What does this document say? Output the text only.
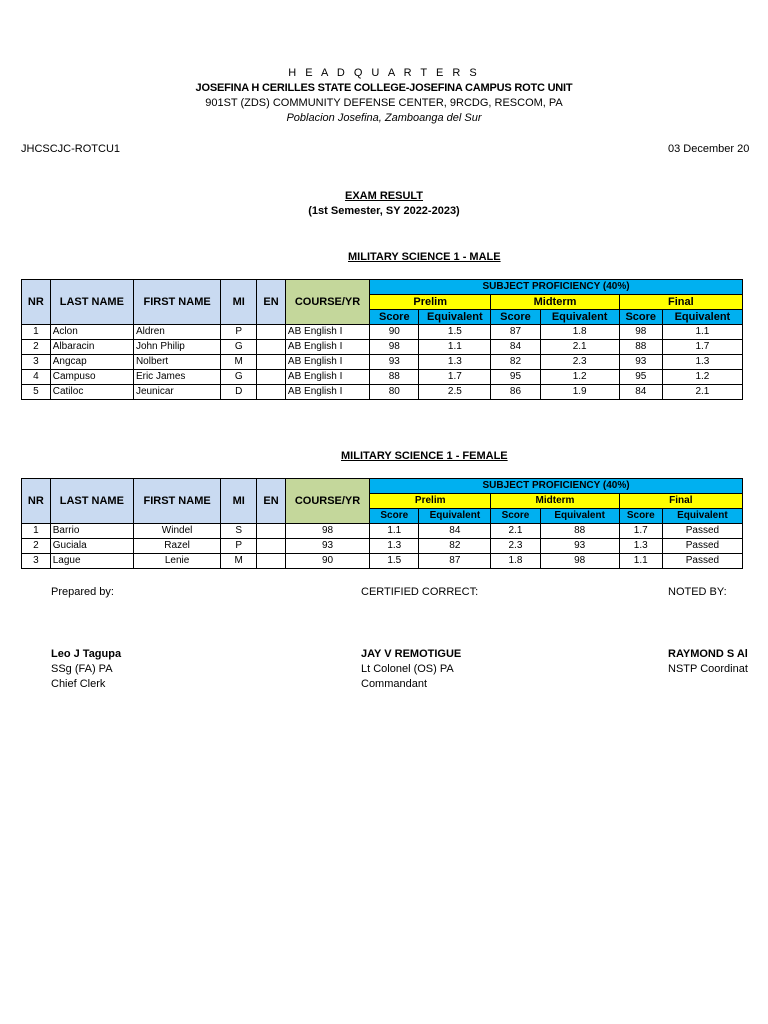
H E A D Q U A R T E R S
JOSEFINA H CERILLES STATE COLLEGE-JOSEFINA CAMPUS ROTC UNIT
901ST (ZDS) COMMUNITY DEFENSE CENTER, 9RCDG, RESCOM, PA
Poblacion Josefina, Zamboanga del Sur
JHCSCJC-ROTCU1	03 December 20
EXAM RESULT
(1st Semester, SY 2022-2023)
MILITARY SCIENCE 1 - MALE
NR	LAST NAME	FIRST NAME	MI	EN	COURSE/YR	SUBJECT PROFICIENCY (40%)					
						Prelim		Midterm		Final	
						Score	Equivalent	Score	Equivalent	Score	Equivalent
1	Aclon	Aldren	P		AB English I	90	1.5	87	1.8	98	1.1
2	Albaracin	John Philip	G		AB English I	98	1.1	84	2.1	88	1.7
3	Angcap	Nolbert	M		AB English I	93	1.3	82	2.3	93	1.3
4	Campuso	Eric James	G		AB English I	88	1.7	95	1.2	95	1.2
5	Catiloc	Jeunicar	D		AB English I	80	2.5	86	1.9	84	2.1
MILITARY SCIENCE 1 - FEMALE
NR	LAST NAME	FIRST NAME	MI	EN	COURSE/YR	SUBJECT PROFICIENCY (40%)					
						Prelim		Midterm		Final	
						Score	Equivalent	Score	Equivalent	Score	Equivalent
1	Barrio	Windel	S		98	1.1	84	2.1	88	1.7	Passed
2	Guciala	Razel	P		93	1.3	82	2.3	93	1.3	Passed
3	Lague	Lenie	M		90	1.5	87	1.8	98	1.1	Passed
Prepared by:	CERTIFIED CORRECT:	NOTED BY:
Leo J Tagupa
SSg (FA) PA
Chief Clerk
JAY V REMOTIGUE
Lt Colonel (OS) PA
Commandant
RAYMOND S Al
NSTP Coordinat
